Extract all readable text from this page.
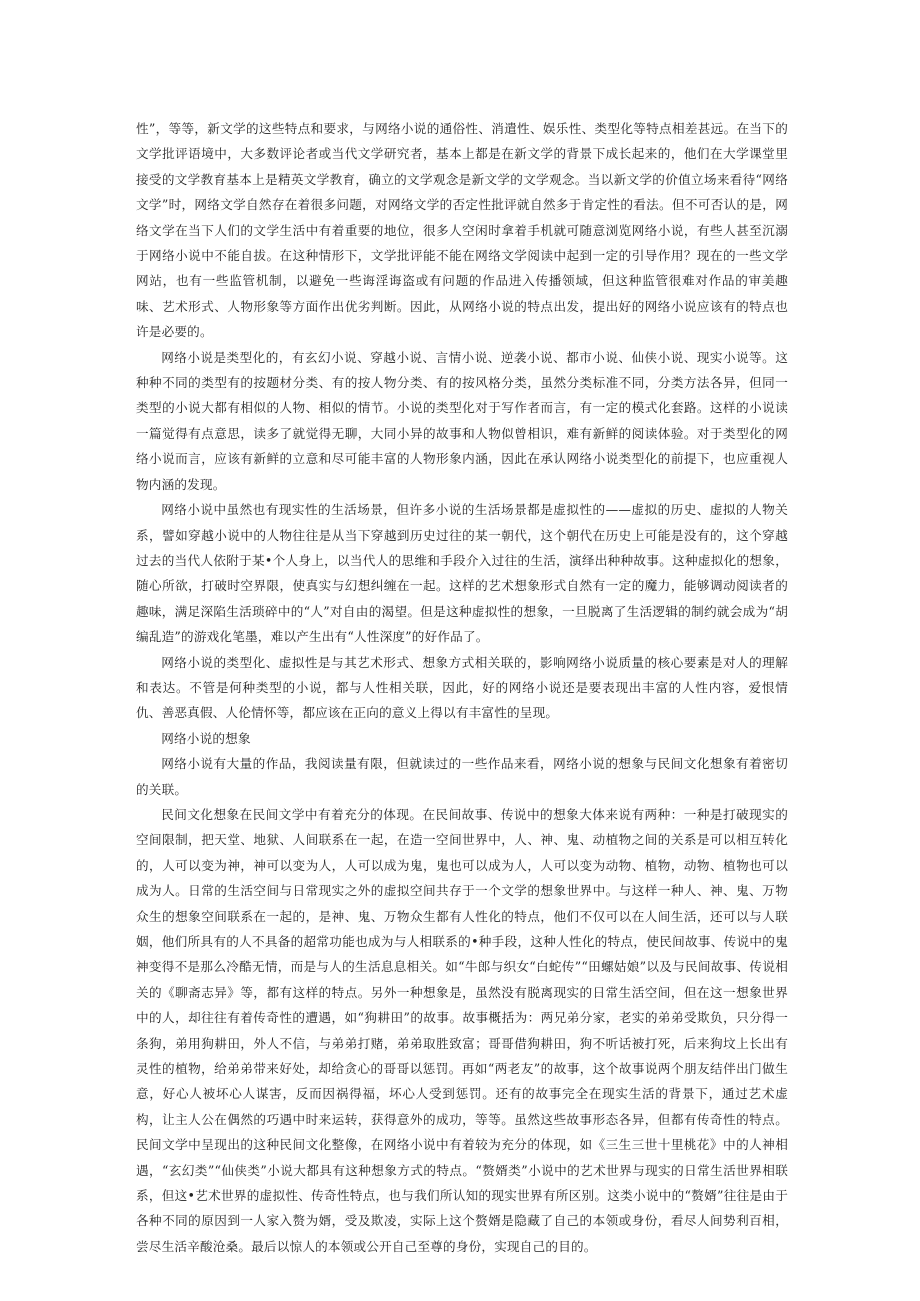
性”，等等，新文学的这些特点和要求，与网络小说的通俗性、消遣性、娱乐性、类型化等特点相差甚远。在当下的文学批评语境中，大多数评论者或当代文学研究者，基本上都是在新文学的背景下成长起来的，他们在大学课堂里接受的文学教育基本上是精英文学教育，确立的文学观念是新文学的文学观念。当以新文学的价值立场来看待“网络文学”时，网络文学自然存在着很多问题，对网络文学的否定性批评就自然多于肯定性的看法。但不可否认的是，网络文学在当下人们的文学生活中有着重要的地位，很多人空闲时拿着手机就可随意浏览网络小说，有些人甚至沉溺于网络小说中不能自拔。在这种情形下，文学批评能不能在网络文学阅读中起到一定的引导作用？现在的一些文学网站，也有一些监管机制，以避免一些诲淫诲盗或有问题的作品进入传播领域，但这种监管很难对作品的审美趣味、艺术形式、人物形象等方面作出优劣判断。因此，从网络小说的特点出发，提出好的网络小说应该有的特点也许是必要的。

网络小说是类型化的，有玄幻小说、穿越小说、言情小说、逆袭小说、都市小说、仙侠小说、现实小说等。这种种不同的类型有的按题材分类、有的按人物分类、有的按风格分类，虽然分类标准不同，分类方法各异，但同一类型的小说大都有相似的人物、相似的情节。小说的类型化对于写作者而言，有一定的模式化套路。这样的小说读一篇觉得有点意思，读多了就觉得无聊，大同小异的故事和人物似曾相识，难有新鲜的阅读体验。对于类型化的网络小说而言，应该有新鲜的立意和尽可能丰富的人物形象内涵，因此在承认网络小说类型化的前提下，也应重视人物内涵的发现。

网络小说中虽然也有现实性的生活场景，但许多小说的生活场景都是虚拟性的——虚拟的历史、虚拟的人物关系，譬如穿越小说中的人物往往是从当下穿越到历史过往的某一朝代，这个朝代在历史上可能是没有的，这个穿越过去的当代人依附于某•个人身上，以当代人的思维和手段介入过往的生活，演绎出种种故事。这种虚拟化的想象，随心所欲，打破时空界限，使真实与幻想纠缠在一起。这样的艺术想象形式自然有一定的魔力，能够调动阅读者的趣味，满足深陷生活琐碎中的“人”对自由的渴望。但是这种虚拟性的想象，一旦脱离了生活逻辑的制约就会成为“胡编乱造”的游戏化笔墨，难以产生出有“人性深度”的好作品了。

网络小说的类型化、虚拟性是与其艺术形式、想象方式相关联的，影响网络小说质量的核心要素是对人的理解和表达。不管是何种类型的小说，都与人性相关联，因此，好的网络小说还是要表现出丰富的人性内容，爱恨情仇、善恶真假、人伦情怀等，都应该在正向的意义上得以有丰富性的呈现。

网络小说的想象

网络小说有大量的作品，我阅读量有限，但就读过的一些作品来看，网络小说的想象与民间文化想象有着密切的关联。

民间文化想象在民间文学中有着充分的体现。在民间故事、传说中的想象大体来说有两种：一种是打破现实的空间限制，把天堂、地狱、人间联系在一起，在造一空间世界中，人、神、鬼、动植物之间的关系是可以相互转化的，人可以变为神，神可以变为人，人可以成为鬼，鬼也可以成为人，人可以变为动物、植物，动物、植物也可以成为人。日常的生活空间与日常现实之外的虚拟空间共存于一个文学的想象世界中。与这样一种人、神、鬼、万物众生的想象空间联系在一起的，是神、鬼、万物众生都有人性化的特点，他们不仅可以在人间生活，还可以与人联姻，他们所具有的人不具备的超常功能也成为与人相联系的•种手段，这种人性化的特点，使民间故事、传说中的鬼神变得不是那么冷酷无情，而是与人的生活息息相关。如“牛郎与织女“白蛇传”“田螺姑娘”以及与民间故事、传说相关的《聊斋志异》等，都有这样的特点。另外一种想象是，虽然没有脱离现实的日常生活空间，但在这一想象世界中的人，却往往有着传奇性的遭遇，如“狗耕田”的故事。故事概括为：两兄弟分家，老实的弟弟受欺负，只分得一条狗，弟用狗耕田，外人不信，与弟弟打赌，弟弟取胜致富；哥哥借狗耕田，狗不听话被打死，后来狗坟上长出有灵性的植物，给弟弟带来好处，却给贪心的哥哥以惩罚。再如“两老友”的故事，这个故事说两个朋友结伴出门做生意，好心人被坏心人谋害，反而因祸得福，坏心人受到惩罚。还有的故事完全在现实生活的背景下，通过艺术虚构，让主人公在偶然的巧遇中时来运转，获得意外的成功，等等。虽然这些故事形态各异，但都有传奇性的特点。民间文学中呈现出的这种民间文化整像，在网络小说中有着较为充分的体现，如《三生三世十里桃花》中的人神相遇，“玄幻类”“仙侠类”小说大都具有这种想象方式的特点。“赘婿类”小说中的艺术世界与现实的日常生活世界相联系，但这•艺术世界的虚拟性、传奇性特点，也与我们所认知的现实世界有所区别。这类小说中的“赘婿”往往是由于各种不同的原因到一人家入赘为婿，受及欺凌，实际上这个赘婿是隐藏了自己的本领或身份，看尽人间势利百相，尝尽生活辛酸沧桑。最后以惊人的本领或公开自己至尊的身份，实现自己的目的。
